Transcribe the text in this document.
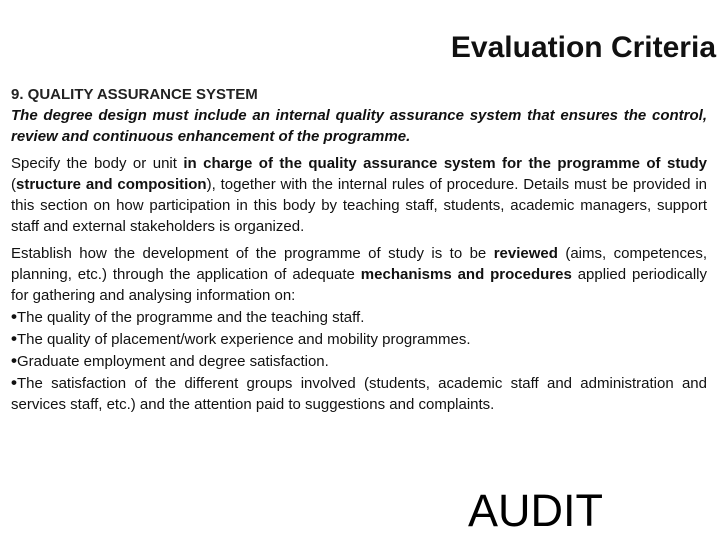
Evaluation Criteria

9. QUALITY ASSURANCE SYSTEM

The degree design must include an internal quality assurance system that ensures the control, review and continuous enhancement of the programme.

Specify the body or unit in charge of the quality assurance system for the programme of study (structure and composition), together with the internal rules of procedure. Details must be provided in this section on how participation in this body by teaching staff, students, academic managers, support staff and external stakeholders is organized.

Establish how the development of the programme of study is to be reviewed (aims, competences, planning, etc.) through the application of adequate mechanisms and procedures applied periodically for gathering and analysing information on:

•The quality of the programme and the teaching staff.
•The quality of placement/work experience and mobility programmes.
•Graduate employment and degree satisfaction.
•The satisfaction of the different groups involved (students, academic staff and administration and services staff, etc.) and the attention paid to suggestions and complaints.
AUDIT
